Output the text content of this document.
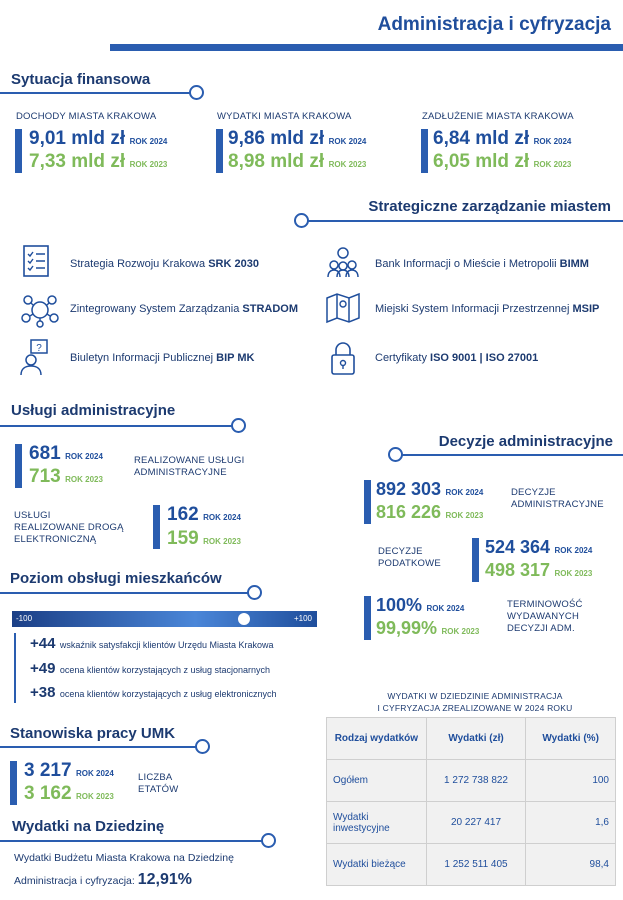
Administracja i cyfryzacja
Sytuacja finansowa
DOCHODY MIASTA KRAKOWA
9,01 mld zł ROK 2024
7,33 mld zł ROK 2023
WYDATKI MIASTA KRAKOWA
9,86 mld zł ROK 2024
8,98 mld zł ROK 2023
ZADŁUŻENIE MIASTA KRAKOWA
6,84 mld zł ROK 2024
6,05 mld zł ROK 2023
Strategiczne zarządzanie miastem
Strategia Rozwoju Krakowa SRK 2030	Bank Informacji o Mieście i Metropolii BIMM
Zintegrowany System Zarządzania STRADOM	Miejski System Informacji Przestrzennej MSIP
?
Biuletyn Informacji Publicznej BIP MK	Certyfikaty ISO 9001 | ISO 27001
Usługi administracyjne
681 ROK 2024
713 ROK 2023
REALIZOWANE USŁUGI
ADMINISTRACYJNE
USŁUGI
REALIZOWANE DROGĄ
ELEKTRONICZNĄ
162 ROK 2024
159 ROK 2023
Decyzje administracyjne
892 303 ROK 2024
816 226 ROK 2023
DECYZJE
ADMINISTRACYJNE
DECYZJE
PODATKOWE
524 364 ROK 2024
498 317 ROK 2023
100% ROK 2024
99,99% ROK 2023
TERMINOWOŚĆ
WYDAWANYCH
DECYZJI ADM.
Poziom obsługi mieszkańców
-100	+100
+44 wskaźnik satysfakcji klientów Urzędu Miasta Krakowa
+49 ocena klientów korzystających z usług stacjonarnych
+38 ocena klientów korzystających z usług elektronicznych
Stanowiska pracy UMK
3 217 ROK 2024
3 162 ROK 2023
LICZBA
ETATÓW
Wydatki na Dziedzinę
Wydatki Budżetu Miasta Krakowa na Dziedzinę
Administracja i cyfryzacja: 12,91%
WYDATKI W DZIEDZINIE ADMINISTRACJA
I CYFRYZACJA ZREALIZOWANE W 2024 ROKU
Rodzaj wydatków	Wydatki (zł)	Wydatki (%)
Ogółem	1 272 738 822	100
Wydatki inwestycyjne	20 227 417	1,6
Wydatki bieżące	1 252 511 405	98,4
